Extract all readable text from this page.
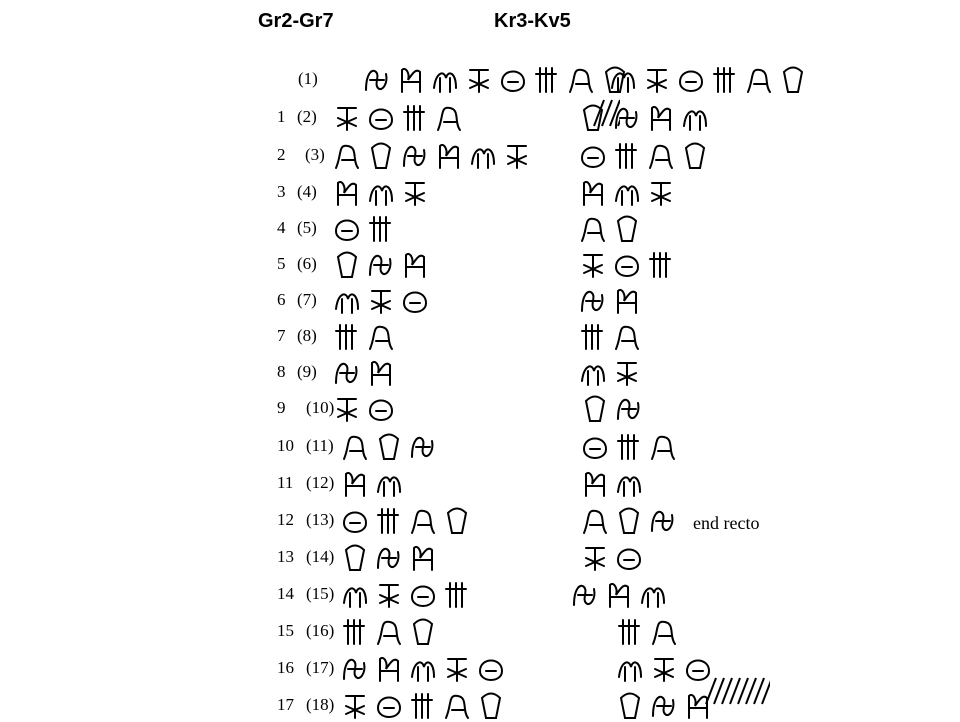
Gr2-Gr7	Kr3-Kv5
(1)
1 (2)
2 (3)
3 (4)
4 (5)
5 (6)
6 (7)
7 (8)
8 (9)
9 (10)
10 (11)
11 (12)
12 (13)
13 (14)
14 (15)
15 (16)
16 (17)
17 (18)
end recto
